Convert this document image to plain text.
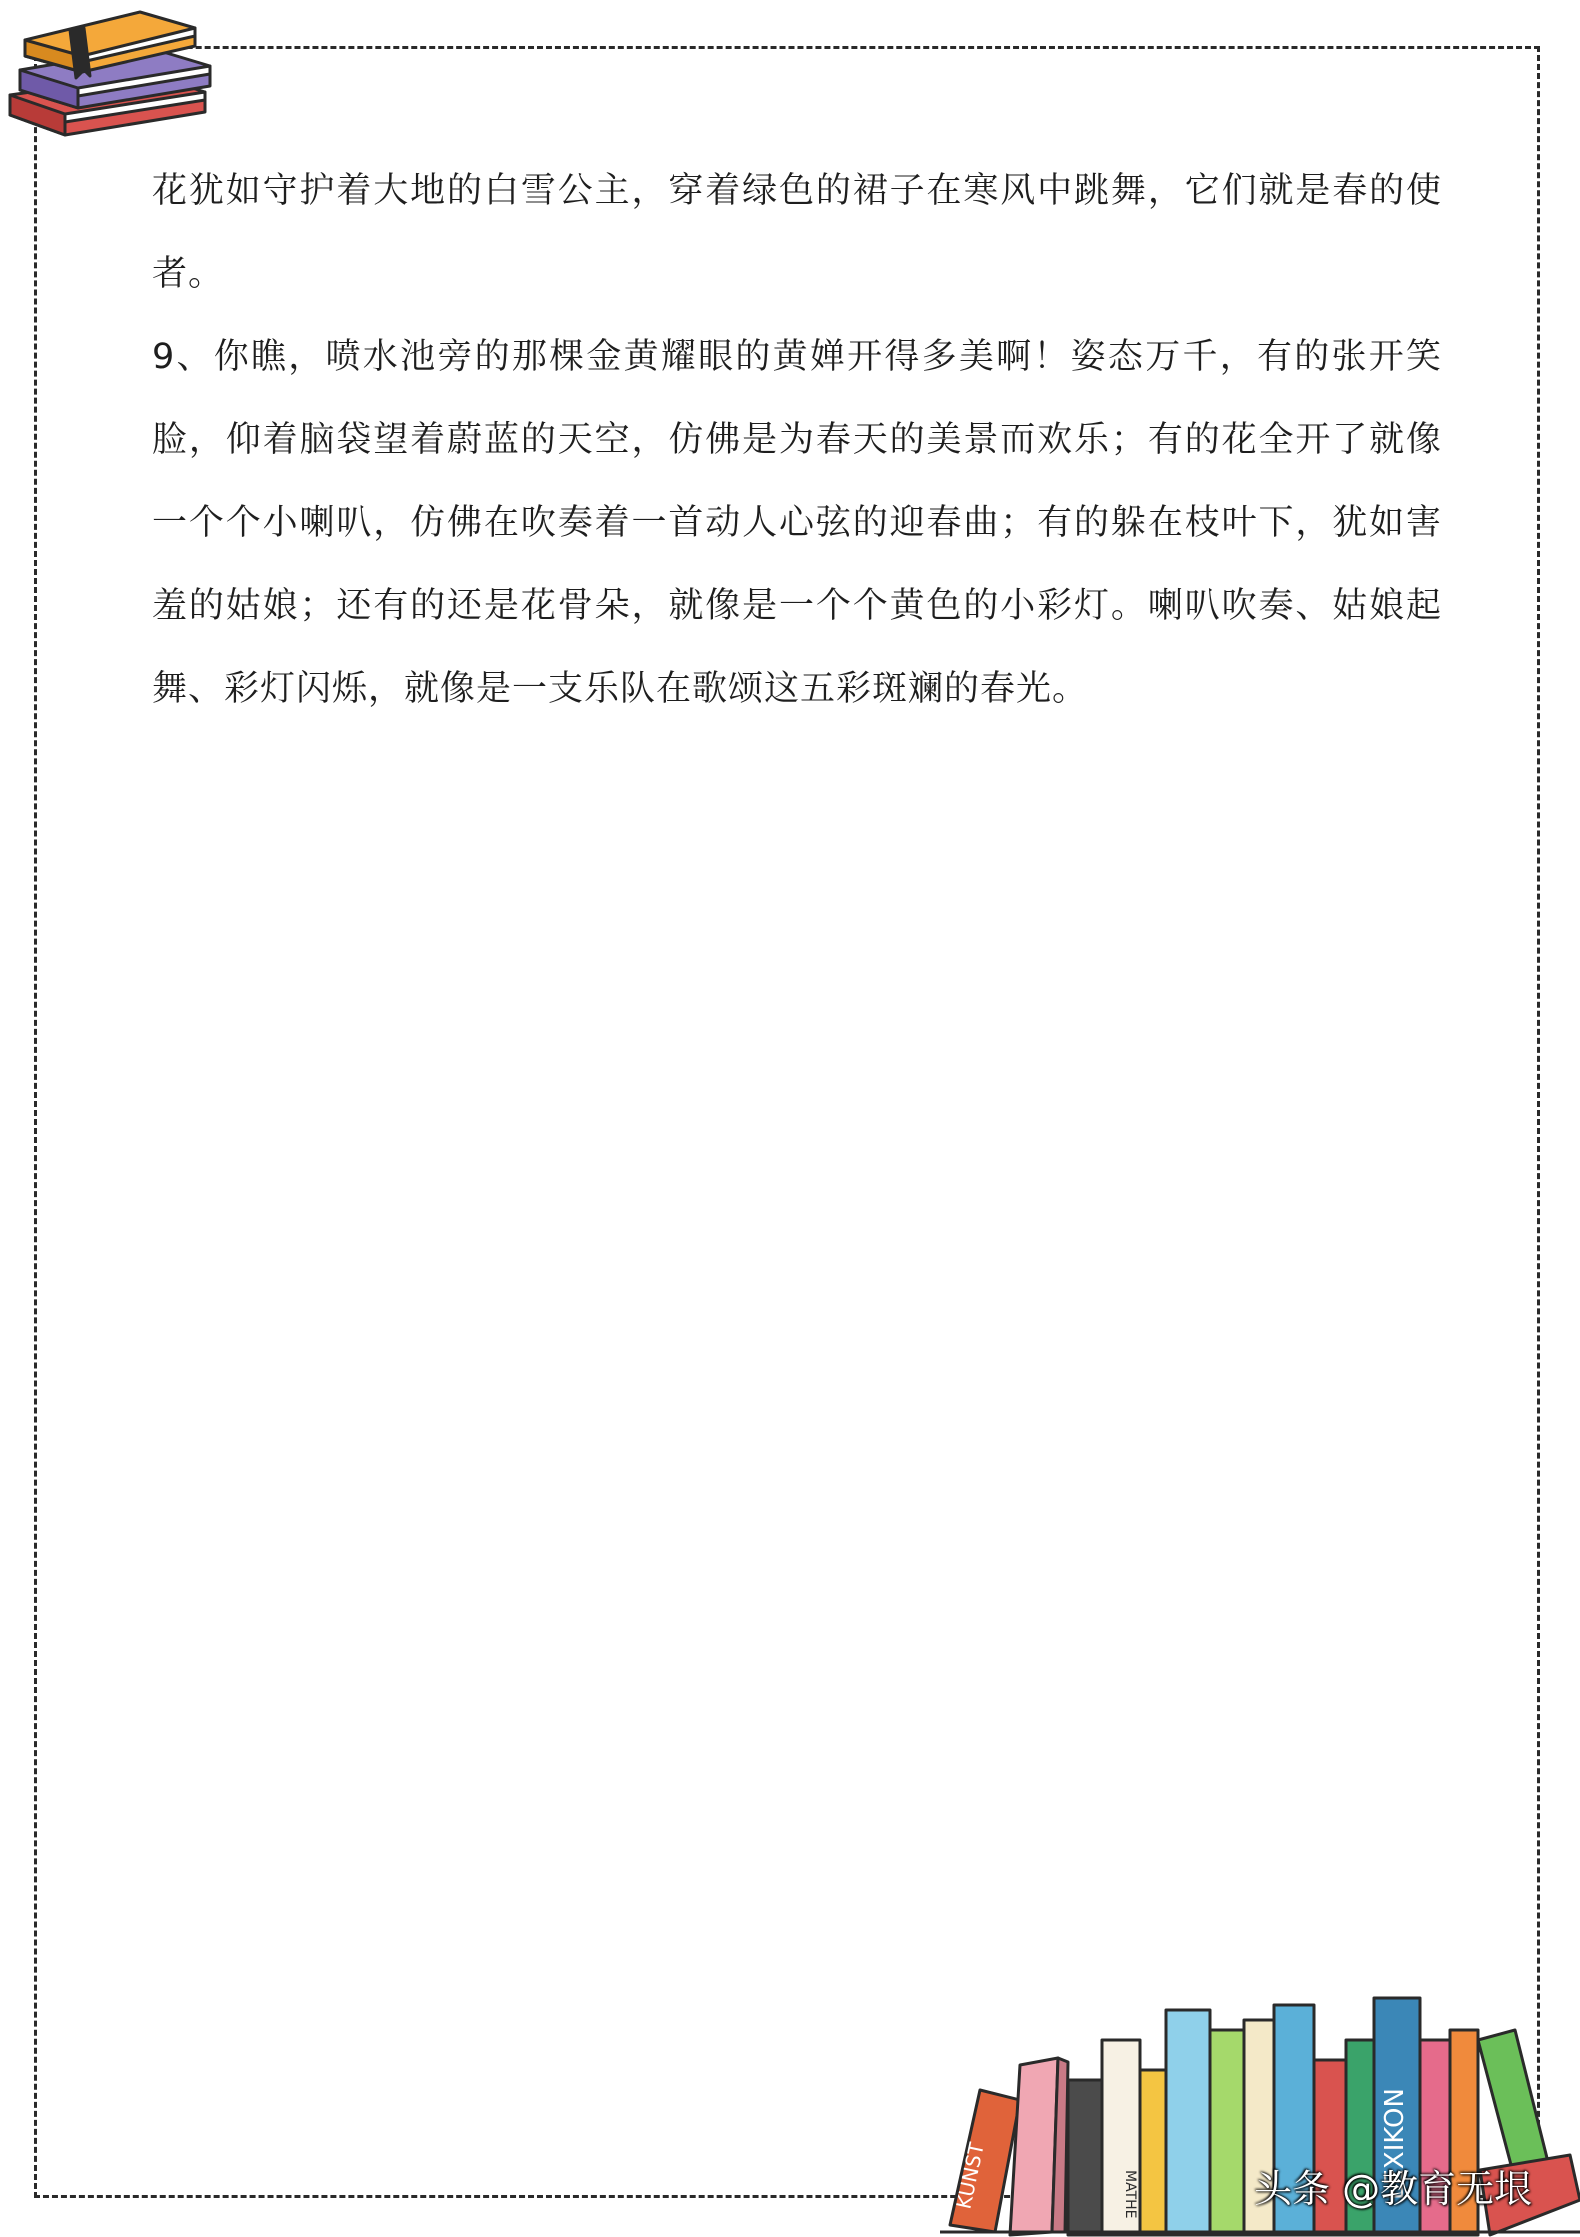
花犹如守护着大地的白雪公主，穿着绿色的裙子在寒风中跳舞，它们就是春的使者。

9、你瞧，喷水池旁的那棵金黄耀眼的黄婵开得多美啊！姿态万千，有的张开笑脸，仰着脑袋望着蔚蓝的天空，仿佛是为春天的美景而欢乐；有的花全开了就像一个个小喇叭，仿佛在吹奏着一首动人心弦的迎春曲；有的躲在枝叶下，犹如害羞的姑娘；还有的还是花骨朵，就像是一个个黄色的小彩灯。喇叭吹奏、姑娘起舞、彩灯闪烁，就像是一支乐队在歌颂这五彩斑斓的春光。

KUNST	MATHE	LEXIKON
头条 @教育无垠
